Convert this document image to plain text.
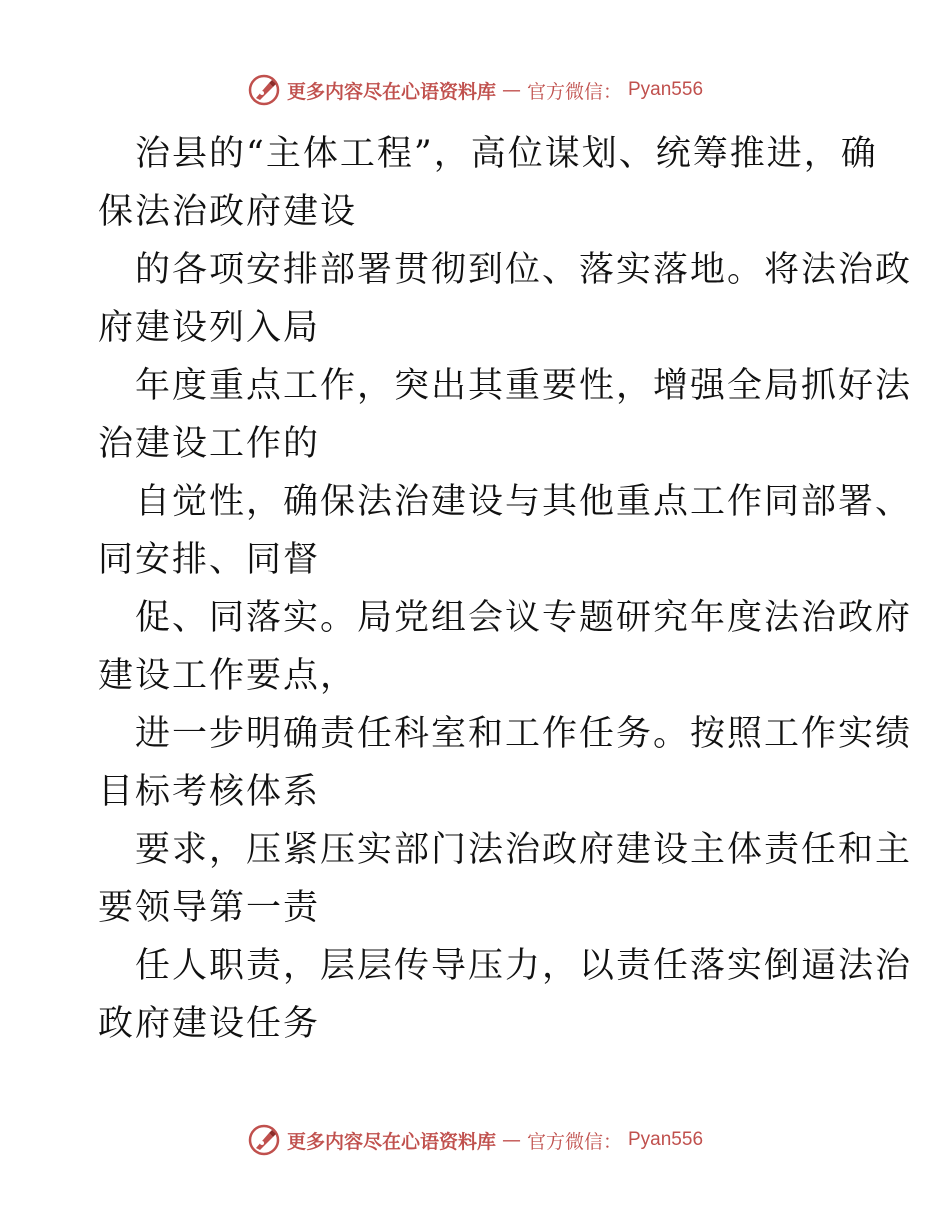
更多内容尽在心语资料库 — 官方微信： Pyan556
治县的“主体工程”，高位谋划、统筹推进，确
保法治政府建设
的各项安排部署贯彻到位、落实落地。将法治政
府建设列入局
年度重点工作，突出其重要性，增强全局抓好法
治建设工作的
自觉性，确保法治建设与其他重点工作同部署、
同安排、同督
促、同落实。局党组会议专题研究年度法治政府
建设工作要点，
进一步明确责任科室和工作任务。按照工作实绩
目标考核体系
要求，压紧压实部门法治政府建设主体责任和主
要领导第一责
任人职责，层层传导压力，以责任落实倒逼法治
政府建设任务
更多内容尽在心语资料库 — 官方微信： Pyan556
